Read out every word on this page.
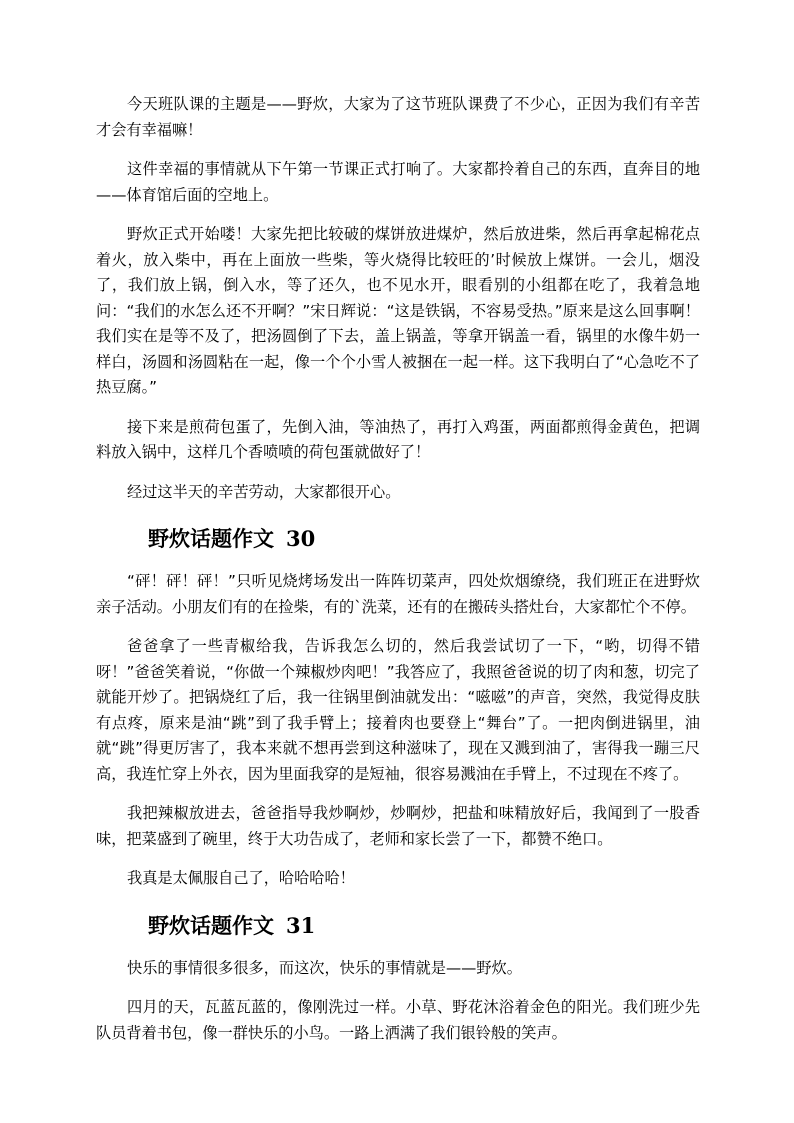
今天班队课的主题是——野炊，大家为了这节班队课费了不少心，正因为我们有辛苦才会有幸福嘛！

这件幸福的事情就从下午第一节课正式打响了。大家都拎着自己的东西，直奔目的地——体育馆后面的空地上。

野炊正式开始喽！大家先把比较破的煤饼放进煤炉，然后放进柴，然后再拿起棉花点着火，放入柴中，再在上面放一些柴，等火烧得比较旺的’时候放上煤饼。一会儿，烟没了，我们放上锅，倒入水，等了还久，也不见水开，眼看别的小组都在吃了，我着急地问：“我们的水怎么还不开啊？”宋日辉说：“这是铁锅，不容易受热。”原来是这么回事啊！我们实在是等不及了，把汤圆倒了下去，盖上锅盖，等拿开锅盖一看，锅里的水像牛奶一样白，汤圆和汤圆粘在一起，像一个个小雪人被捆在一起一样。这下我明白了“心急吃不了热豆腐。”

接下来是煎荷包蛋了，先倒入油，等油热了，再打入鸡蛋，两面都煎得金黄色，把调料放入锅中，这样几个香喷喷的荷包蛋就做好了！

经过这半天的辛苦劳动，大家都很开心。

野炊话题作文 30

“砰！砰！砰！”只听见烧烤场发出一阵阵切菜声，四处炊烟缭绕，我们班正在进野炊亲子活动。小朋友们有的在捡柴，有的`洗菜，还有的在搬砖头搭灶台，大家都忙个不停。

爸爸拿了一些青椒给我，告诉我怎么切的，然后我尝试切了一下，“哟，切得不错呀！”爸爸笑着说，“你做一个辣椒炒肉吧！”我答应了，我照爸爸说的切了肉和葱，切完了就能开炒了。把锅烧红了后，我一往锅里倒油就发出：“嗞嗞”的声音，突然，我觉得皮肤有点疼，原来是油“跳”到了我手臂上；接着肉也要登上“舞台”了。一把肉倒进锅里，油就“跳”得更厉害了，我本来就不想再尝到这种滋味了，现在又溅到油了，害得我一蹦三尺高，我连忙穿上外衣，因为里面我穿的是短袖，很容易溅油在手臂上，不过现在不疼了。

我把辣椒放进去，爸爸指导我炒啊炒，炒啊炒，把盐和味精放好后，我闻到了一股香味，把菜盛到了碗里，终于大功告成了，老师和家长尝了一下，都赞不绝口。

我真是太佩服自己了，哈哈哈哈！

野炊话题作文 31

快乐的事情很多很多，而这次，快乐的事情就是——野炊。

四月的天，瓦蓝瓦蓝的，像刚洗过一样。小草、野花沐浴着金色的阳光。我们班少先队员背着书包，像一群快乐的小鸟。一路上洒满了我们银铃般的笑声。
